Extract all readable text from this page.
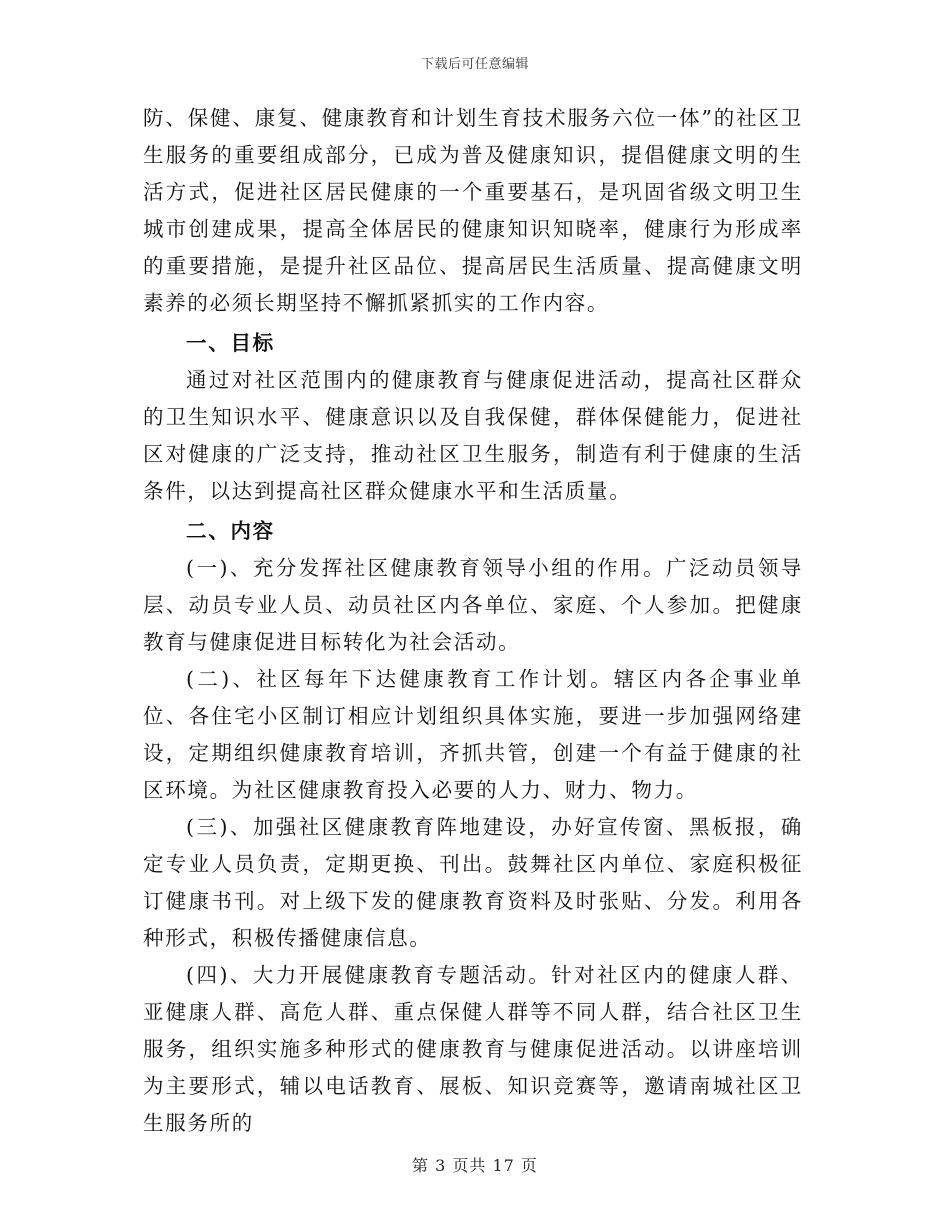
下载后可任意编辑

防、保健、康复、健康教育和计划生育技术服务六位一体”的社区卫生服务的重要组成部分，已成为普及健康知识，提倡健康文明的生活方式，促进社区居民健康的一个重要基石，是巩固省级文明卫生城市创建成果，提高全体居民的健康知识知晓率，健康行为形成率的重要措施，是提升社区品位、提高居民生活质量、提高健康文明素养的必须长期坚持不懈抓紧抓实的工作内容。

一、目标

通过对社区范围内的健康教育与健康促进活动，提高社区群众的卫生知识水平、健康意识以及自我保健，群体保健能力，促进社区对健康的广泛支持，推动社区卫生服务，制造有利于健康的生活条件，以达到提高社区群众健康水平和生活质量。

二、内容

(一)、充分发挥社区健康教育领导小组的作用。广泛动员领导层、动员专业人员、动员社区内各单位、家庭、个人参加。把健康教育与健康促进目标转化为社会活动。

(二)、社区每年下达健康教育工作计划。辖区内各企事业单位、各住宅小区制订相应计划组织具体实施，要进一步加强网络建设，定期组织健康教育培训，齐抓共管，创建一个有益于健康的社区环境。为社区健康教育投入必要的人力、财力、物力。

(三)、加强社区健康教育阵地建设，办好宣传窗、黑板报，确定专业人员负责，定期更换、刊出。鼓舞社区内单位、家庭积极征订健康书刊。对上级下发的健康教育资料及时张贴、分发。利用各种形式，积极传播健康信息。

(四)、大力开展健康教育专题活动。针对社区内的健康人群、亚健康人群、高危人群、重点保健人群等不同人群，结合社区卫生服务，组织实施多种形式的健康教育与健康促进活动。以讲座培训为主要形式，辅以电话教育、展板、知识竞赛等，邀请南城社区卫生服务所的

第 3 页共 17 页
